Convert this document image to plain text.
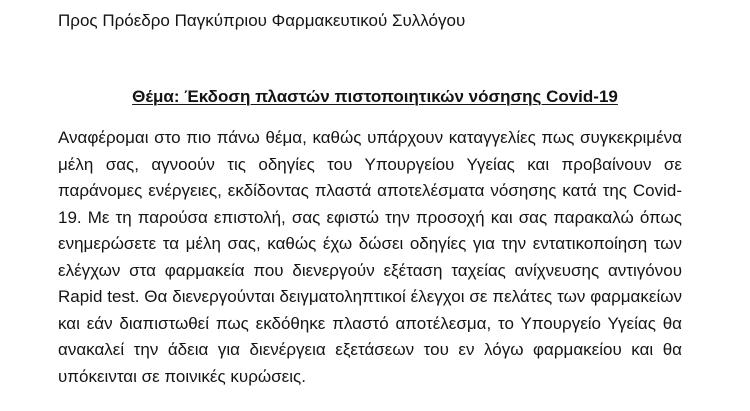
Προς Πρόεδρο Παγκύπριου Φαρμακευτικού Συλλόγου
Θέμα: Έκδοση πλαστών πιστοποιητικών νόσησης Covid-19
Αναφέρομαι στο πιο πάνω θέμα, καθώς υπάρχουν καταγγελίες πως συγκεκριμένα
μέλη σας, αγνοούν τις οδηγίες του Υπουργείου Υγείας και προβαίνουν σε
παράνομες ενέργειες, εκδίδοντας πλαστά αποτελέσματα νόσησης κατά της Covid-
19. Με τη παρούσα επιστολή, σας εφιστώ την προσοχή και σας παρακαλώ όπως
ενημερώσετε τα μέλη σας, καθώς έχω δώσει οδηγίες για την εντατικοποίηση των
ελέγχων στα φαρμακεία που διενεργούν εξέταση ταχείας ανίχνευσης αντιγόνου
Rapid test. Θα διενεργούνται δειγματοληπτικοί έλεγχοι σε πελάτες των φαρμακείων
και εάν διαπιστωθεί πως εκδόθηκε πλαστό αποτέλεσμα, το Υπουργείο Υγείας θα
ανακαλεί την άδεια για διενέργεια εξετάσεων του εν λόγω φαρμακείου και θα
υπόκεινται σε ποινικές κυρώσεις.
